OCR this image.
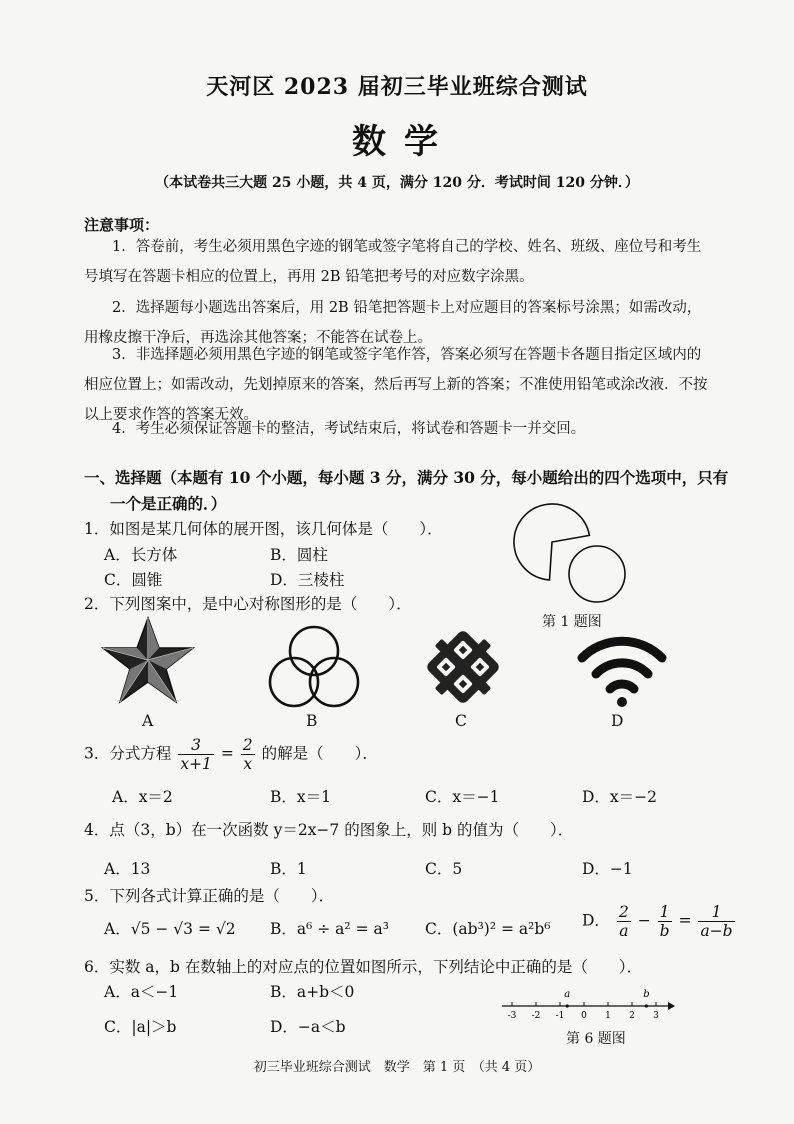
天河区 2023 届初三毕业班综合测试
数学
（本试卷共三大题 25 小题，共 4 页，满分 120 分．考试时间 120 分钟．）
注意事项：
1．答卷前，考生必须用黑色字迹的钢笔或签字笔将自己的学校、姓名、班级、座位号和考生号填写在答题卡相应的位置上，再用 2B 铅笔把考号的对应数字涂黑。
2．选择题每小题选出答案后，用 2B 铅笔把答题卡上对应题目的答案标号涂黑；如需改动，用橡皮擦干净后，再选涂其他答案；不能答在试卷上。
3．非选择题必须用黑色字迹的钢笔或签字笔作答，答案必须写在答题卡各题目指定区域内的相应位置上；如需改动，先划掉原来的答案，然后再写上新的答案；不准使用铅笔或涂改液．不按以上要求作答的答案无效。
4．考生必须保证答题卡的整洁，考试结束后，将试卷和答题卡一并交回。
一、选择题（本题有 10 个小题，每小题 3 分，满分 30 分，每小题给出的四个选项中，只有
一个是正确的．）
1．如图是某几何体的展开图，该几何体是（　　）．
A．长方体	B．圆柱
C．圆锥	D．三棱柱
第 1 题图
2．下列图案中，是中心对称图形的是（　　）．
A	B	C	D
3．分式方程 $\frac{3}{x+1} = \frac{2}{x}$ 的解是（　　）．
A．x＝2	B．x＝1	C．x＝−1	D．x＝−2
4．点（3，b）在一次函数 y＝2x−7 的图象上，则 b 的值为（　　）．
A．13	B．1	C．5	D．−1
5．下列各式计算正确的是（　　）．
A．√5 − √3 = √2 B．a⁶ ÷ a² = a³ C．(ab³)² = a²b⁶ D． $\frac{2}{a} - \frac{1}{b} = \frac{1}{a-b}$
6．实数 a，b 在数轴上的对应点的位置如图所示，下列结论中正确的是（　　）．
A．a＜−1	B．a+b＜0
C．|a|＞b	D．−a＜b
-3 -2 -1 0 1 2 3
a	b
第 6 题图
初三毕业班综合测试　数学　第 1 页　（共 4 页）
